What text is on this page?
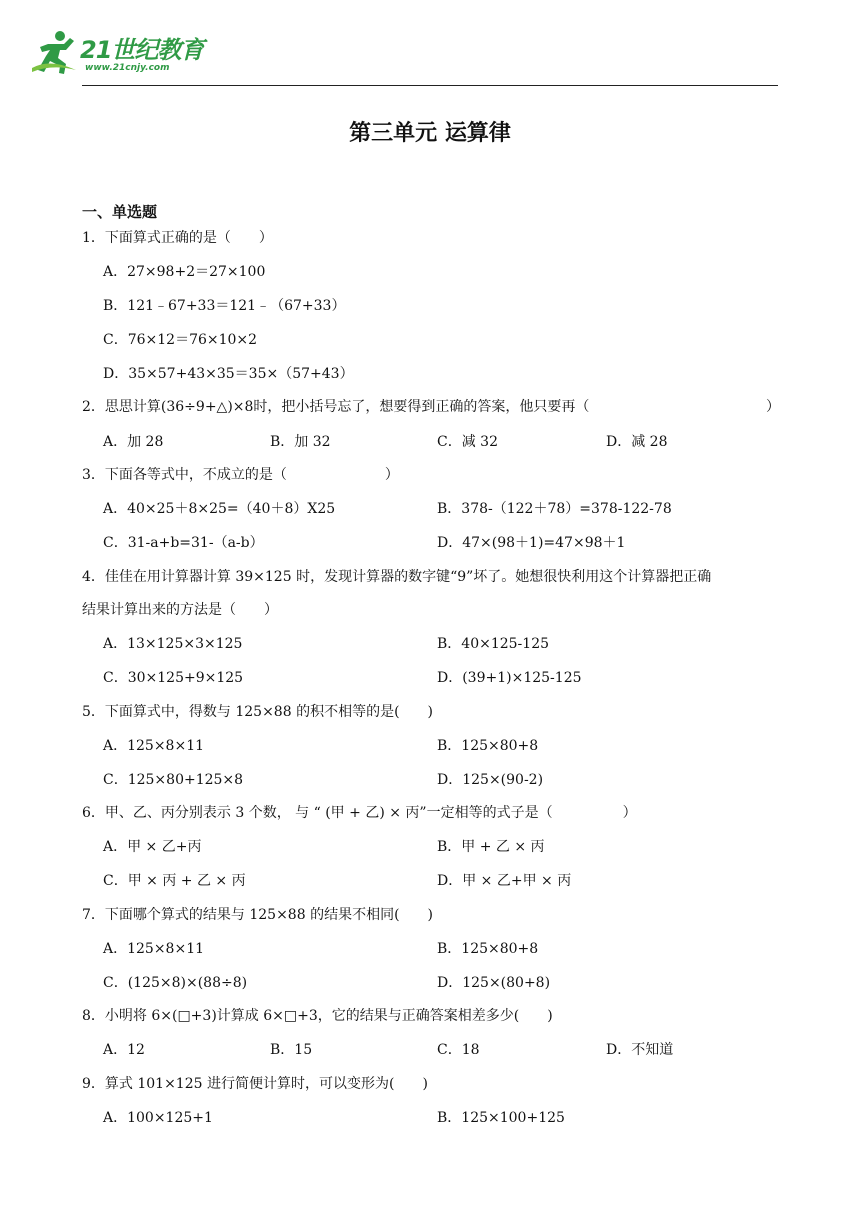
21世纪教育
www.21cnjy.com
第三单元 运算律
一、单选题
1．下面算式正确的是（　　）
A．27×98+2＝27×100
B．121﹣67+33＝121﹣（67+33）
C．76×12＝76×10×2
D．35×57+43×35＝35×（57+43）
2．思思计算(36÷9+△)×8时，把小括号忘了，想要得到正确的答案，他只要再（	）
A．加 28	B．加 32	C．减 32	D．减 28
3．下面各等式中，不成立的是（　　　　　　　）
A．40×25＋8×25=（40＋8）X25	B．378-（122＋78）=378-122-78
C．31-a+b=31-（a-b）	D．47×(98＋1)=47×98＋1
4．佳佳在用计算器计算 39×125 时，发现计算器的数字键“9”坏了。她想很快利用这个计算器把正确
结果计算出来的方法是（　　）
A．13×125×3×125	B．40×125-125
C．30×125+9×125	D．(39+1)×125-125
5．下面算式中，得数与 125×88 的积不相等的是(　　)
A．125×8×11	B．125×80+8
C．125×80+125×8	D．125×(90-2)
6．甲、乙、丙分别表示 3 个数， 与 “ (甲 + 乙) × 丙”一定相等的式子是（　　　　　）
A．甲 × 乙+丙	B．甲 + 乙 × 丙
C．甲 × 丙 + 乙 × 丙	D．甲 × 乙+甲 × 丙
7．下面哪个算式的结果与 125×88 的结果不相同(　　)
A．125×8×11	B．125×80+8
C．(125×8)×(88÷8)	D．125×(80+8)
8．小明将 6×(□+3)计算成 6×□+3，它的结果与正确答案相差多少(　　)
A．12	B．15	C．18	D．不知道
9．算式 101×125 进行简便计算时，可以变形为(　　)
A．100×125+1	B．125×100+125
